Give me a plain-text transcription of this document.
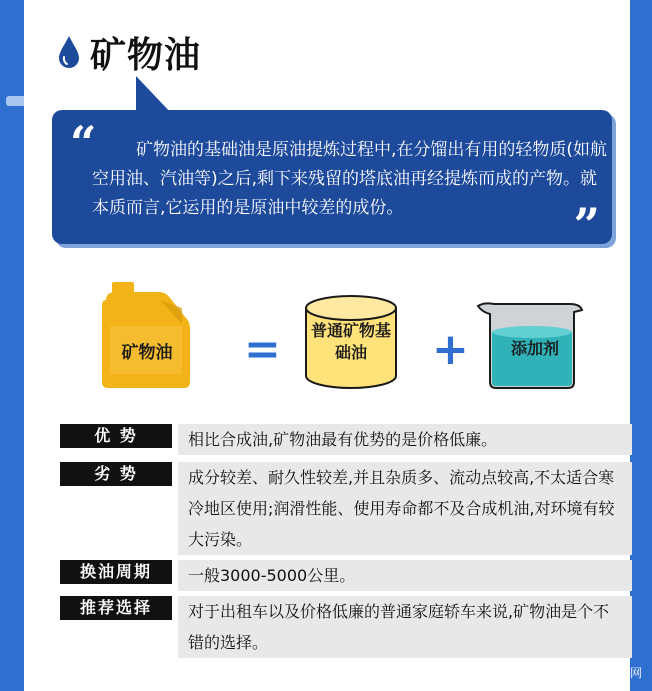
矿物油
“	矿物油的基础油是原油提炼过程中,在分馏出有用的轻物质(如航空用油、汽油等)之后,剩下来残留的塔底油再经提炼而成的产物。就本质而言,它运用的是原油中较差的成份。	”
矿物油	=	普通矿物基础油	+	添加剂
优 势	相比合成油,矿物油最有优势的是价格低廉。
劣 势	成分较差、耐久性较差,并且杂质多、流动点较高,不太适合寒冷地区使用;润滑性能、使用寿命都不及合成机油,对环境有较大污染。
换油周期	一般3000-5000公里。
推荐选择	对于出租车以及价格低廉的普通家庭轿车来说,矿物油是个不错的选择。
网
